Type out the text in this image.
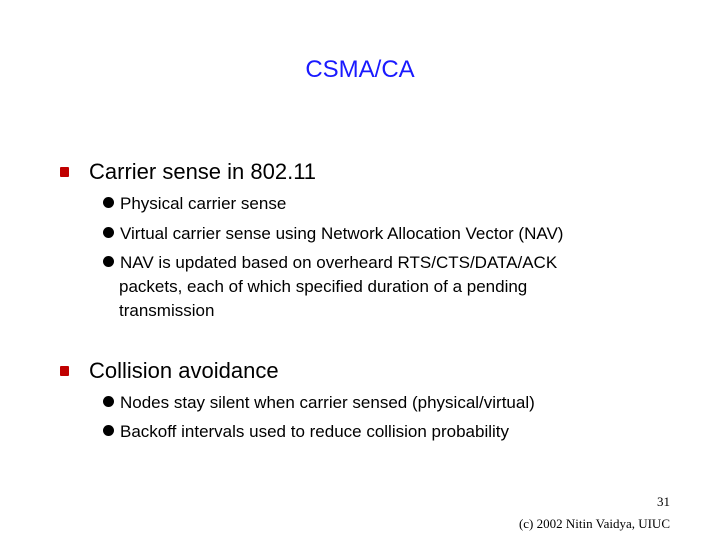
CSMA/CA
Carrier sense in 802.11
Physical carrier sense
Virtual carrier sense using Network Allocation Vector (NAV)
NAV is updated based on overheard RTS/CTS/DATA/ACK
packets, each of which specified duration of a pending
transmission
Collision avoidance
Nodes stay silent when carrier sensed (physical/virtual)
Backoff intervals used to reduce collision probability
31
(c) 2002 Nitin Vaidya, UIUC
